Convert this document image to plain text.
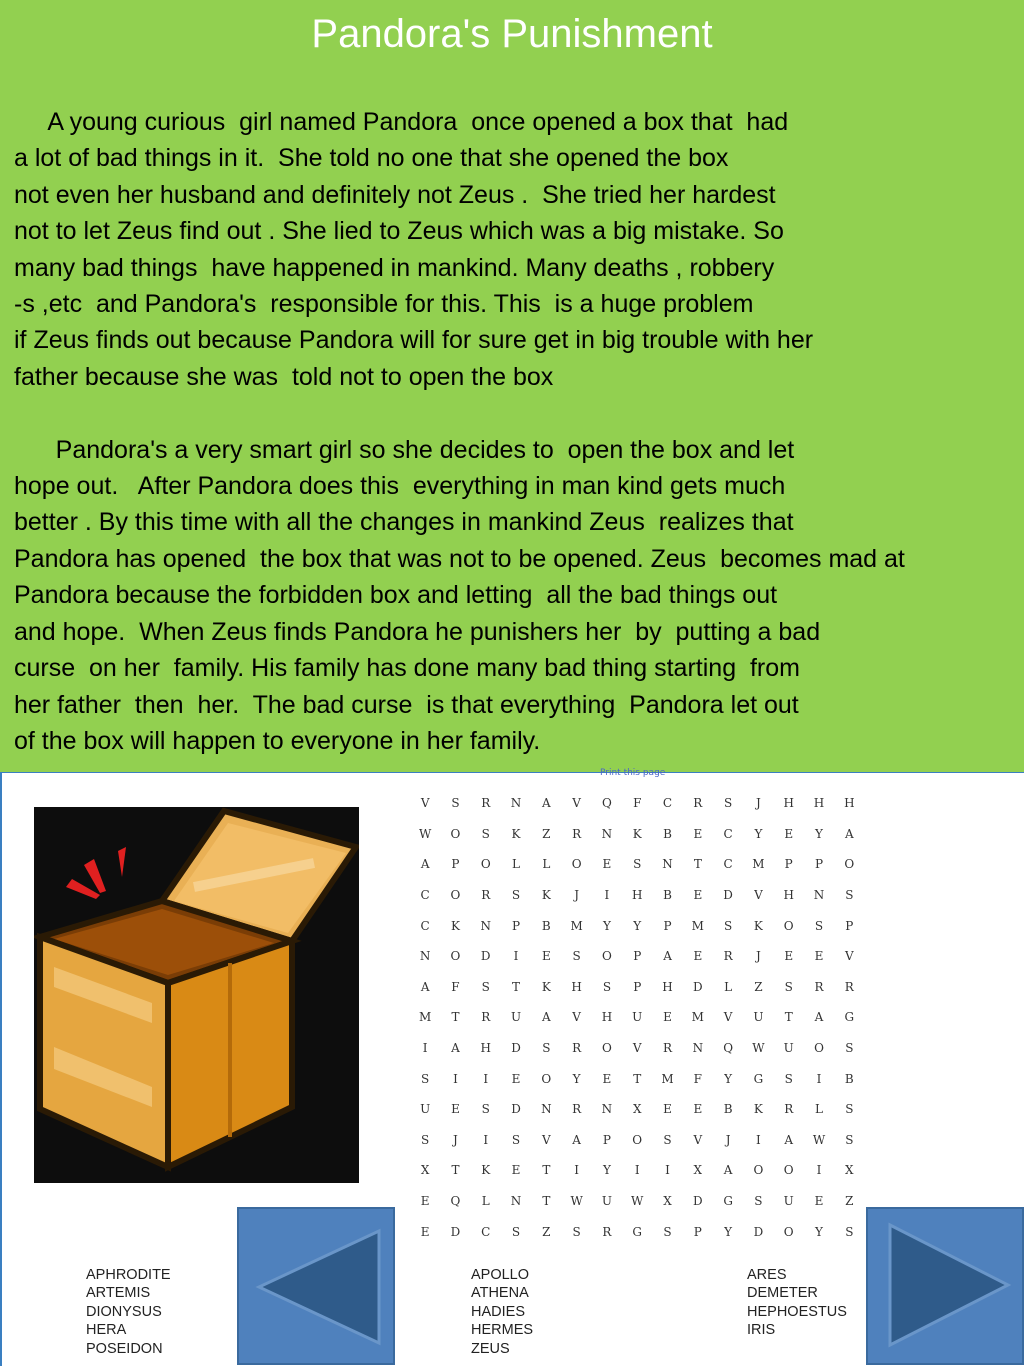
Pandora's Punishment
A young curious  girl named Pandora  once opened a box that  had
a lot of bad things in it.  She told no one that she opened the box
not even her husband and definitely not Zeus .  She tried her hardest
not to let Zeus find out . She lied to Zeus which was a big mistake. So
many bad things  have happened in mankind. Many deaths , robbery
-s ,etc  and Pandora's  responsible for this. This  is a huge problem
if Zeus finds out because Pandora will for sure get in big trouble with her
father because she was  told not to open the box

Pandora's a very smart girl so she decides to  open the box and let
hope out.   After Pandora does this  everything in man kind gets much
better . By this time with all the changes in mankind Zeus  realizes that
Pandora has opened  the box that was not to be opened. Zeus  becomes mad at
Pandora because the forbidden box and letting  all the bad things out
and hope.  When Zeus finds Pandora he punishers her  by  putting a bad
curse  on her  family. His family has done many bad thing starting  from
her father  then  her.  The bad curse  is that everything  Pandora let out
of the box will happen to everyone in her family.
Print this page
V	S	R	N	A	V	Q	F	C	R	S	J	H	H	H
W	O	S	K	Z	R	N	K	B	E	C	Y	E	Y	A
A	P	O	L	L	O	E	S	N	T	C	M	P	P	O
C	O	R	S	K	J	I	H	B	E	D	V	H	N	S
C	K	N	P	B	M	Y	Y	P	M	S	K	O	S	P
N	O	D	I	E	S	O	P	A	E	R	J	E	E	V
A	F	S	T	K	H	S	P	H	D	L	Z	S	R	R
M	T	R	U	A	V	H	U	E	M	V	U	T	A	G
I	A	H	D	S	R	O	V	R	N	Q	W	U	O	S
S	I	I	E	O	Y	E	T	M	F	Y	G	S	I	B
U	E	S	D	N	R	N	X	E	E	B	K	R	L	S
S	J	I	S	V	A	P	O	S	V	J	I	A	W	S
X	T	K	E	T	I	Y	I	I	X	A	O	O	I	X
E	Q	L	N	T	W	U	W	X	D	G	S	U	E	Z
E	D	C	S	Z	S	R	G	S	P	Y	D	O	Y	S
APHRODITE
ARTEMIS
DIONYSUS
HERA
POSEIDON
APOLLO
ATHENA
HADIES
HERMES
ZEUS
ARES
DEMETER
HEPHOESTUS
IRIS
